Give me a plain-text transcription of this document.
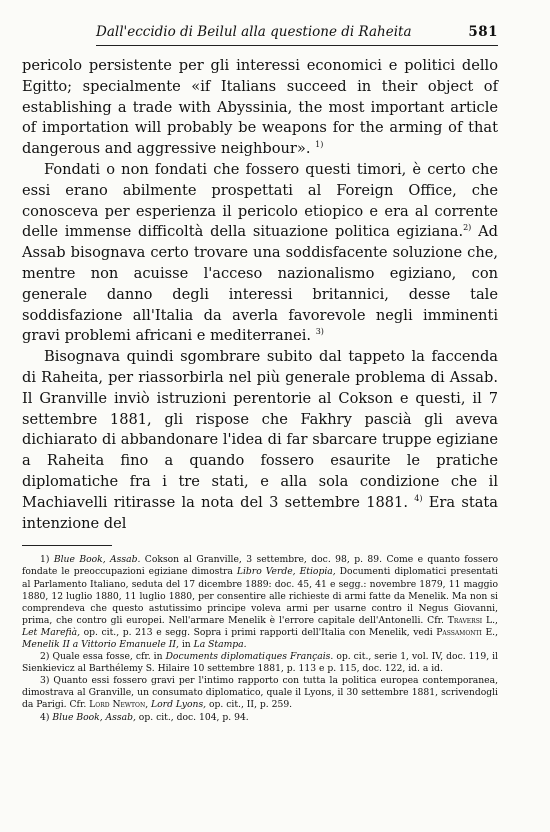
Dall'eccidio di Beilul alla questione di Raheita	581

pericolo persistente per gli interessi economici e politici dello Egitto; specialmente «if Italians succeed in their object of establishing a trade with Abyssinia, the most important article of importation will probably be weapons for the arming of that dangerous and aggressive neighbour». $^{1)}$

Fondati o non fondati che fossero questi timori, è certo che essi erano abilmente prospettati al Foreign Office, che conosceva per esperienza il pericolo etiopico e era al corrente delle immense difficoltà della situazione politica egiziana.$^{2)}$ Ad Assab bisognava certo trovare una soddisfacente soluzione che, mentre non acuisse l'acceso nazionalismo egiziano, con generale danno degli interessi britannici, desse tale soddisfazione all'Italia da averla favorevole negli imminenti gravi problemi africani e mediterranei. $^{3)}$

Bisognava quindi sgombrare subito dal tappeto la faccenda di Raheita, per riassorbirla nel più generale problema di Assab. Il Granville inviò istruzioni perentorie al Cokson e questi, il 7 settembre 1881, gli rispose che Fakhry pascià gli aveva dichiarato di abbandonare l'idea di far sbarcare truppe egiziane a Raheita fino a quando fossero esaurite le pratiche diplomatiche fra i tre stati, e alla sola condizione che il Machiavelli ritirasse la nota del 3 settembre 1881. $^{4)}$ Era stata intenzione del

1) Blue Book, Assab. Cokson al Granville, 3 settembre, doc. 98, p. 89. Come e quanto fossero fondate le preoccupazioni egiziane dimostra Libro Verde, Etiopia, Documenti diplomatici presentati al Parlamento Italiano, seduta del 17 dicembre 1889: doc. 45, 41 e segg.: novembre 1879, 11 maggio 1880, 12 luglio 1880, 11 luglio 1880, per consentire alle richieste di armi fatte da Menelik. Ma non si comprendeva che questo astutissimo principe voleva armi per usarne contro il Negus Giovanni, prima, che contro gli europei. Nell'armare Menelik è l'errore capitale dell'Antonelli. Cfr. Traversi L., Let Marefià, op. cit., p. 213 e segg. Sopra i primi rapporti dell'Italia con Menelik, vedi Passamonti E., Menelik II a Vittorio Emanuele II, in La Stampa.

2) Quale essa fosse, cfr. in Documents diplomatiques Français. op. cit., serie 1, vol. IV, doc. 119, il Sienkievicz al Barthélemy S. Hilaire 10 settembre 1881, p. 113 e p. 115, doc. 122, id. a id.

3) Quanto essi fossero gravi per l'intimo rapporto con tutta la politica europea contemporanea, dimostrava al Granville, un consumato diplomatico, quale il Lyons, il 30 settembre 1881, scrivendogli da Parigi. Cfr. Lord Newton, Lord Lyons, op. cit., II, p. 259.

4) Blue Book, Assab, op. cit., doc. 104, p. 94.
